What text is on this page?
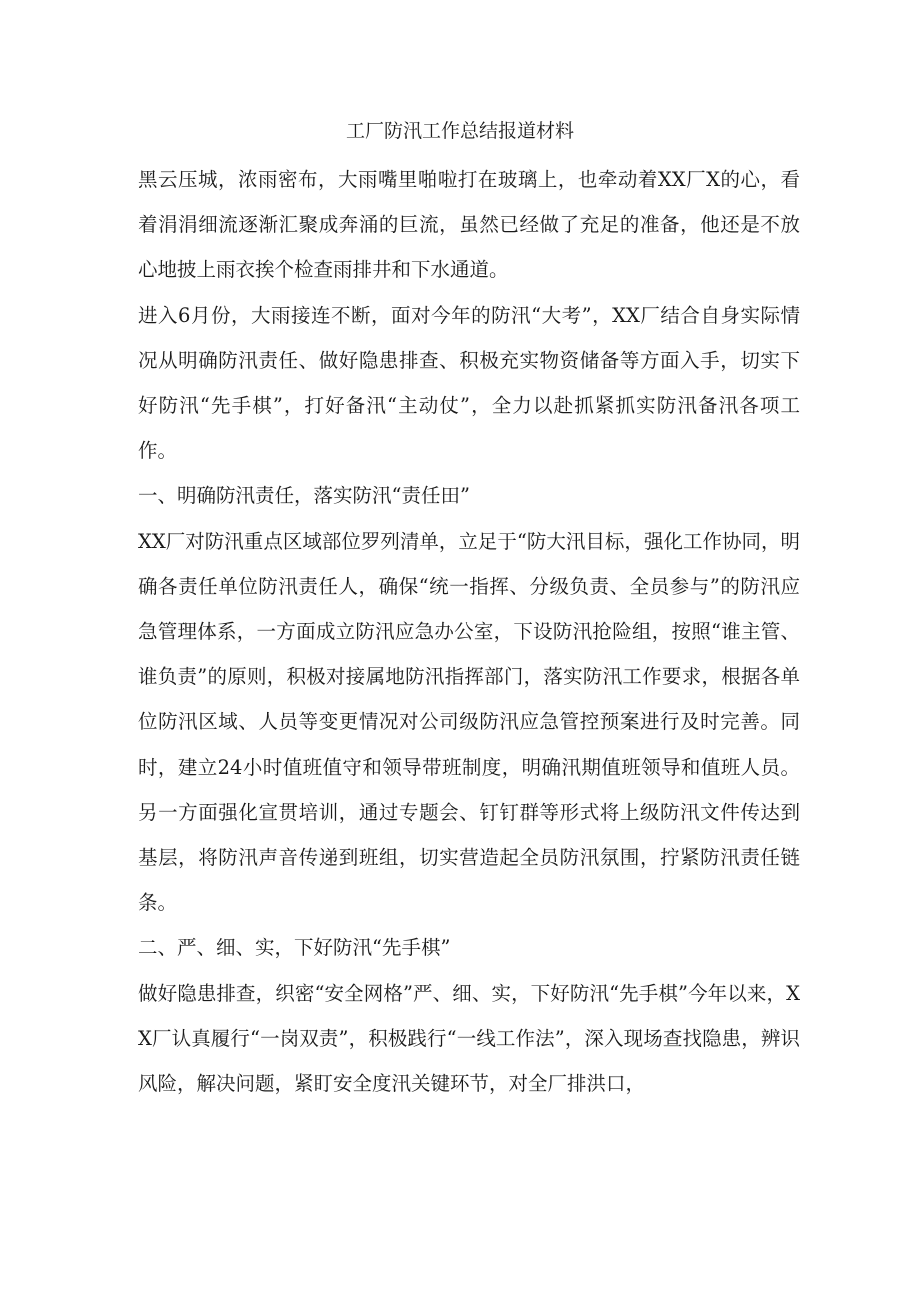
工厂防汛工作总结报道材料

黑云压城，浓雨密布，大雨嘴里啪啦打在玻璃上，也牵动着XX厂X的心，看着涓涓细流逐渐汇聚成奔涌的巨流，虽然已经做了充足的准备，他还是不放心地披上雨衣挨个检查雨排井和下水通道。

进入6月份，大雨接连不断，面对今年的防汛“大考”，XX厂结合自身实际情况从明确防汛责任、做好隐患排查、积极充实物资储备等方面入手，切实下好防汛“先手棋”，打好备汛“主动仗”，全力以赴抓紧抓实防汛备汛各项工作。

一、明确防汛责任，落实防汛“责任田”

XX厂对防汛重点区域部位罗列清单，立足于“防大汛目标，强化工作协同，明确各责任单位防汛责任人，确保“统一指挥、分级负责、全员参与”的防汛应急管理体系，一方面成立防汛应急办公室，下设防汛抢险组，按照“谁主管、谁负责”的原则，积极对接属地防汛指挥部门，落实防汛工作要求，根据各单位防汛区域、人员等变更情况对公司级防汛应急管控预案进行及时完善。同时，建立24小时值班值守和领导带班制度，明确汛期值班领导和值班人员。另一方面强化宣贯培训，通过专题会、钉钉群等形式将上级防汛文件传达到基层，将防汛声音传递到班组，切实营造起全员防汛氛围，拧紧防汛责任链条。

二、严、细、实，下好防汛“先手棋”

做好隐患排查，织密“安全网格”严、细、实，下好防汛“先手棋”今年以来，XX厂认真履行“一岗双责”，积极践行“一线工作法”，深入现场查找隐患，辨识风险，解决问题，紧盯安全度汛关键环节，对全厂排洪口，
